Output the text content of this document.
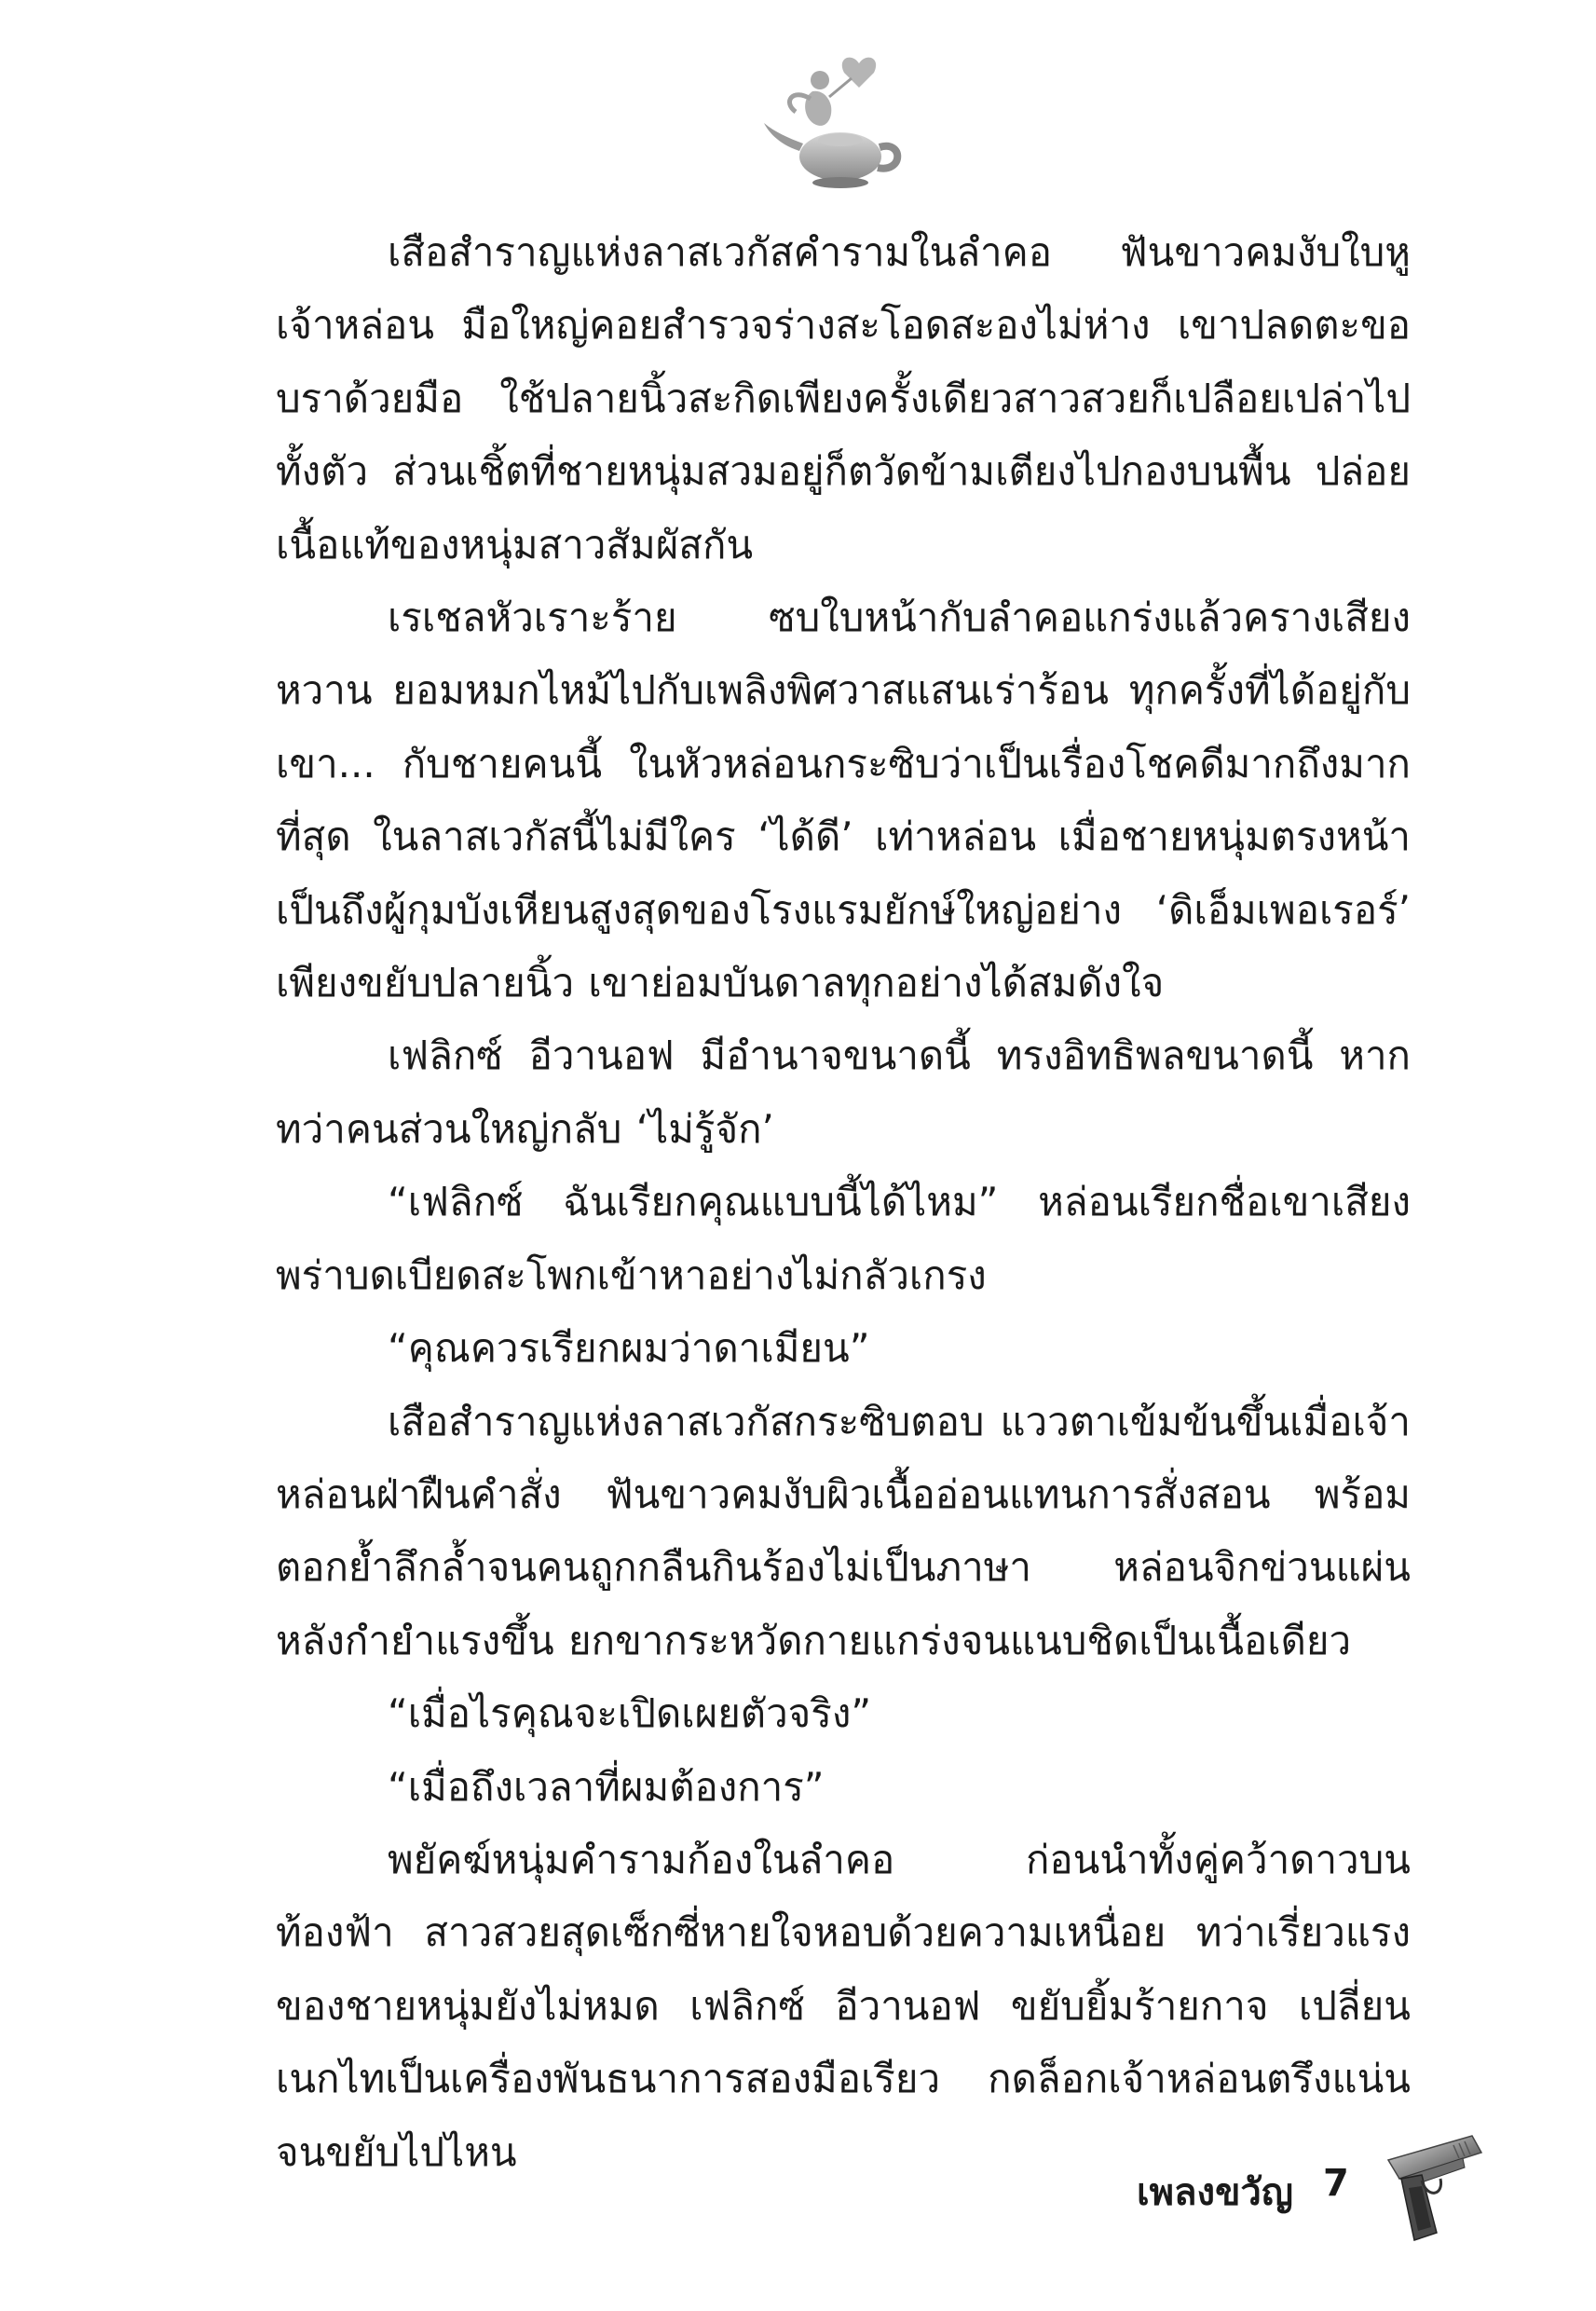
เสือสำราญแห่งลาสเวกัสคำรามในลำคอ ฟันขาวคมงับใบหูเจ้าหล่อน มือใหญ่คอยสำรวจร่างสะโอดสะองไม่ห่าง เขาปลดตะขอบราด้วยมือ ใช้ปลายนิ้วสะกิดเพียงครั้งเดียวสาวสวยก็เปลือยเปล่าไปทั้งตัว ส่วนเชิ้ตที่ชายหนุ่มสวมอยู่ก็ตวัดข้ามเตียงไปกองบนพื้น ปล่อยเนื้อแท้ของหนุ่มสาวสัมผัสกัน

เรเชลหัวเราะร้าย ซบใบหน้ากับลำคอแกร่งแล้วครางเสียงหวาน ยอมหมกไหม้ไปกับเพลิงพิศวาสแสนเร่าร้อน ทุกครั้งที่ได้อยู่กับเขา... กับชายคนนี้ ในหัวหล่อนกระซิบว่าเป็นเรื่องโชคดีมากถึงมากที่สุด ในลาสเวกัสนี้ไม่มีใคร ‘ได้ดี’ เท่าหล่อน เมื่อชายหนุ่มตรงหน้าเป็นถึงผู้กุมบังเหียนสูงสุดของโรงแรมยักษ์ใหญ่อย่าง ‘ดิเอ็มเพอเรอร์’ เพียงขยับปลายนิ้ว เขาย่อมบันดาลทุกอย่างได้สมดังใจ

เฟลิกซ์ อีวานอฟ มีอำนาจขนาดนี้ ทรงอิทธิพลขนาดนี้ หากทว่าคนส่วนใหญ่กลับ ‘ไม่รู้จัก’

“เฟลิกซ์ ฉันเรียกคุณแบบนี้ได้ไหม” หล่อนเรียกชื่อเขาเสียงพร่าบดเบียดสะโพกเข้าหาอย่างไม่กลัวเกรง

“คุณควรเรียกผมว่าดาเมียน”

เสือสำราญแห่งลาสเวกัสกระซิบตอบ แววตาเข้มข้นขึ้นเมื่อเจ้าหล่อนฝ่าฝืนคำสั่ง ฟันขาวคมงับผิวเนื้ออ่อนแทนการสั่งสอน พร้อมตอกย้ำลึกล้ำจนคนถูกกลืนกินร้องไม่เป็นภาษา หล่อนจิกข่วนแผ่นหลังกำยำแรงขึ้น ยกขากระหวัดกายแกร่งจนแนบชิดเป็นเนื้อเดียว

“เมื่อไรคุณจะเปิดเผยตัวจริง”

“เมื่อถึงเวลาที่ผมต้องการ”

พยัคฆ์หนุ่มคำรามก้องในลำคอ ก่อนนำทั้งคู่คว้าดาวบนท้องฟ้า สาวสวยสุดเซ็กซี่หายใจหอบด้วยความเหนื่อย ทว่าเรี่ยวแรงของชายหนุ่มยังไม่หมด เฟลิกซ์ อีวานอฟ ขยับยิ้มร้ายกาจ เปลี่ยนเนกไทเป็นเครื่องพันธนาการสองมือเรียว กดล็อกเจ้าหล่อนตรึงแน่นจนขยับไปไหน

เพลงขวัญ 7
